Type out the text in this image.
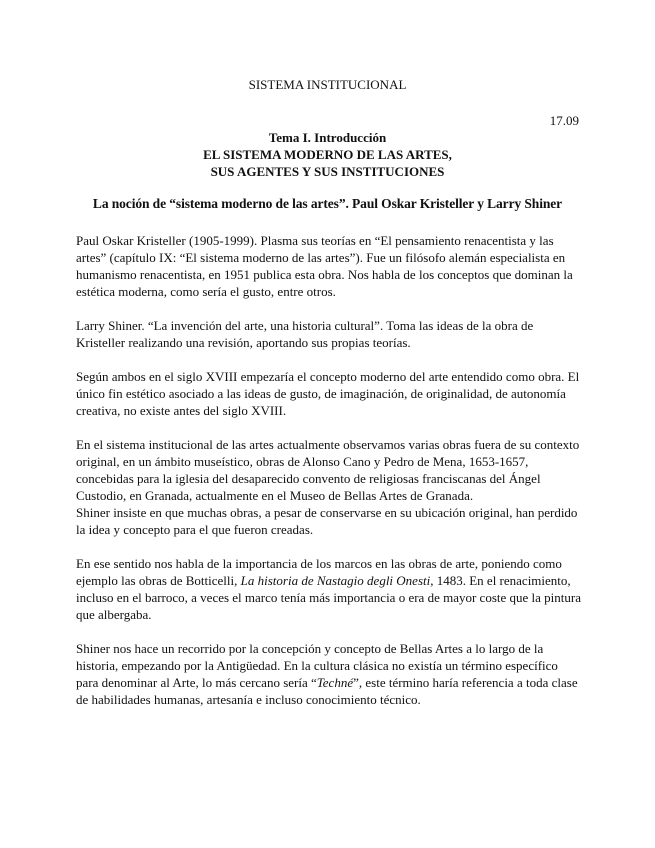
SISTEMA INSTITUCIONAL
17.09
Tema I. Introducción
EL SISTEMA MODERNO DE LAS ARTES,
SUS AGENTES Y SUS INSTITUCIONES
La noción de “sistema moderno de las artes”. Paul Oskar Kristeller y Larry Shiner

Paul Oskar Kristeller (1905-1999). Plasma sus teorías en “El pensamiento renacentista y las artes” (capítulo IX: “El sistema moderno de las artes”). Fue un filósofo alemán especialista en humanismo renacentista, en 1951 publica esta obra. Nos habla de los conceptos que dominan la estética moderna, como sería el gusto, entre otros.

Larry Shiner. “La invención del arte, una historia cultural”. Toma las ideas de la obra de Kristeller realizando una revisión, aportando sus propias teorías.

Según ambos en el siglo XVIII empezaría el concepto moderno del arte entendido como obra. El único fin estético asociado a las ideas de gusto, de imaginación, de originalidad, de autonomía creativa, no existe antes del siglo XVIII.

En el sistema institucional de las artes actualmente observamos varias obras fuera de su contexto original, en un ámbito museístico, obras de Alonso Cano y Pedro de Mena, 1653-1657, concebidas para la iglesia del desaparecido convento de religiosas franciscanas del Ángel Custodio, en Granada, actualmente en el Museo de Bellas Artes de Granada.

Shiner insiste en que muchas obras, a pesar de conservarse en su ubicación original, han perdido la idea y concepto para el que fueron creadas.

En ese sentido nos habla de la importancia de los marcos en las obras de arte, poniendo como ejemplo las obras de Botticelli, La historia de Nastagio degli Onesti, 1483. En el renacimiento, incluso en el barroco, a veces el marco tenía más importancia o era de mayor coste que la pintura que albergaba.

Shiner nos hace un recorrido por la concepción y concepto de Bellas Artes a lo largo de la historia, empezando por la Antigüedad. En la cultura clásica no existía un término específico para denominar al Arte, lo más cercano sería “Techné”, este término haría referencia a toda clase de habilidades humanas, artesanía e incluso conocimiento técnico.
